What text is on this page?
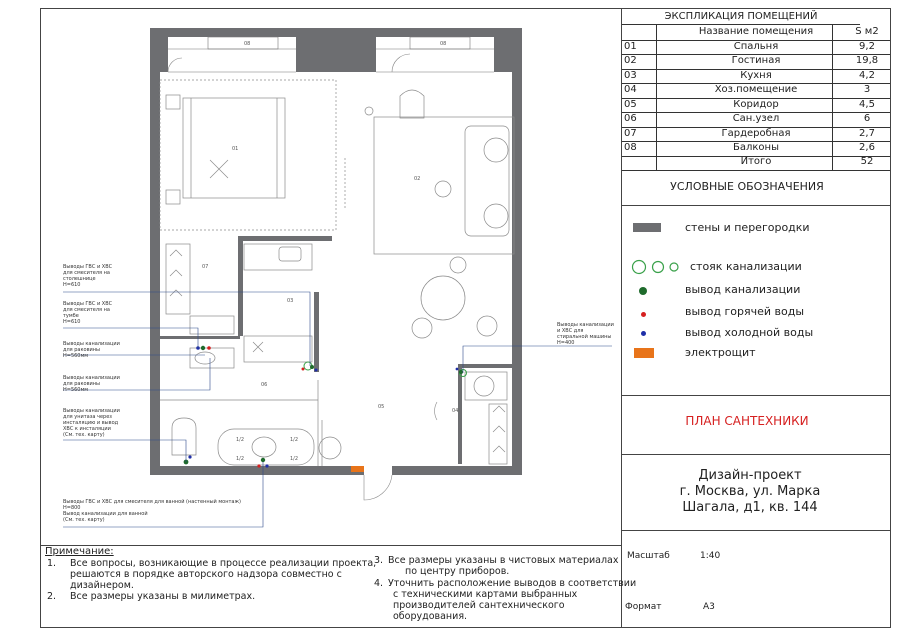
ЭКСПЛИКАЦИЯ ПОМЕЩЕНИЙ
Название помещения	S м2
01	Спальня	9,2
02	Гостиная	19,8
03	Кухня	4,2
04	Хоз.помещение	3
05	Коридор	4,5
06	Сан.узел	6
07	Гардеробная	2,7
08	Балконы	2,6
Итого	52
УСЛОВНЫЕ ОБОЗНАЧЕНИЯ
стены и перегородки
стояк канализации
вывод канализации
вывод горячей воды
вывод холодной воды
электрощит
ПЛАН САНТЕХНИКИ
Дизайн-проект
г. Москва, ул. Марка
Шагала, д1, кв. 144
Масштаб	1:40
Формат	А3
Примечание:
1. Все вопросы, возникающие в процессе реализации проекта,
решаются в порядке авторского надзора совместно с
дизайнером.
2. Все размеры указаны в милиметрах.
3. Все размеры указаны в чистовых материалах
по центру приборов.
4. Уточнить расположение выводов в соответствии
с техническими картами выбранных
производителей сантехнического
оборудования.
01
02
03
04
05
06
07
08	08
1/2
1/2
1/2
1/2
Выводы ГВС и ХВС
для смесителя на
столешнице
Н=610
Выводы ГВС и ХВС
для смесителя на
тумбе
Н=610
Выводы канализации
для раковины
Н=560мм
Выводы канализации
для раковины
Н=560мм
Выводы канализации
для унитаза через
инсталяцию и вывод
ХВС к инсталяции
(См. тех. карту)
Выводы ГВС и ХВС для смесителя для ванной (настенный монтаж)
Н=800
Вывод канализации для ванной
(См. тех. карту)
Выводы канализации
и ХВС для
стиральной машины
Н=400
